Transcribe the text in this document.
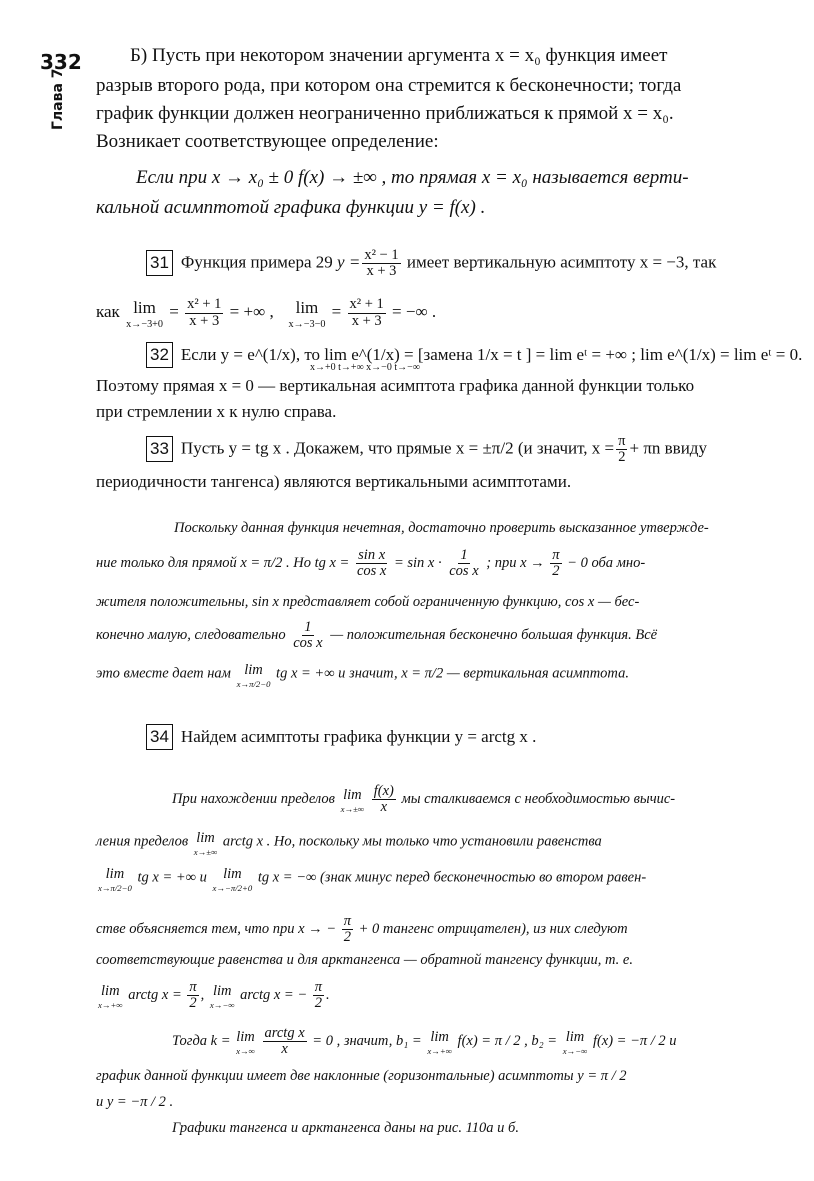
332
Глава 7
Б) Пусть при некотором значении аргумента x = x₀ функция имеет
разрыв второго рода, при котором она стремится к бесконечности; тогда
график функции должен неограниченно приближаться к прямой x = x₀.
Возникает соответствующее определение:
Если при x → x₀ ± 0 f(x) → ±∞ , то прямая x = x₀ называется верти-
кальной асимптотой графика функции y = f(x) .
31 Функция примера 29 $y = \frac{\text{x² − 1}}{x + 3}$ имеет вертикальную асимптоту x = −3, так
как lim
x→−3+0
= $\frac{\text{x² + 1}}{x + 3}$ = +∞ , lim
x→−3−0
= $\frac{\text{x² + 1}}{x + 3}$ = −∞ .
32 Если y = e^(1/x), то lim e^(1/x) = [замена 1/x = t ] = lim eᵗ = +∞ ; lim e^(1/x) = lim eᵗ = 0.
x→+0 t→+∞ x→−0 t→−∞
Поэтому прямая x = 0 — вертикальная асимптота графика данной функции только
при стремлении x к нулю справа.
33 Пусть y = tg x . Докажем, что прямые x = ±π/2 (и значит, $x = \frac{\pi}{2} + \pi n$ ввиду
периодичности тангенса) являются вертикальными асимптотами.
Поскольку данная функция нечетная, достаточно проверить высказанное утвержде-
ние только для прямой x = π/2 . Но tg $x = \frac{\text{sin x}}{\text{cos x}} = \sin x \cdot \frac{1}{\text{cos x}}$ ; при $x \to \frac{\pi}{2} - 0$ оба мно-
жителя положительны, sin x представляет собой ограниченную функцию, cos x — бес-
конечно малую, следовательно $\frac{1}{\text{cos x}}$ — положительная бесконечно большая функция. Всё
это вместе дает нам lim
x→π/2−0
tg x = +∞ и значит, x = π/2 — вертикальная асимптота.
34 Найдем асимптоты графика функции y = arctg x .
При нахождении пределов lim
x→±∞
$\frac{f(x)}{x}$ мы сталкиваемся с необходимостью вычис-
ления пределов lim
x→±∞
arctg x . Но, поскольку мы только что установили равенства
lim
x→π/2−0
tg x = +∞ и lim
x→−π/2+0
tg x = −∞ (знак минус перед бесконечностью во втором равен-
стве объясняется тем, что при x → − $\frac{\pi}{2} + 0$ тангенс отрицателен), из них следуют
соответствующие равенства и для арктангенса — обратной тангенсу функции, т. е.
lim
x→+∞
arctg $x = \frac{\pi}{2}$ , lim
x→−∞
arctg x = − $\frac{\pi}{2}$ .
Тогда k = lim
x→∞
$\frac{\text{arctg x}}{x} = 0$ , значит, b₁ = lim
x→+∞
f(x) = π / 2 , b₂ = lim
x→−∞
f(x) = −π / 2 и
график данной функции имеет две наклонные (горизонтальные) асимптоты y = π / 2
и y = −π / 2 .
Графики тангенса и арктангенса даны на рис. 110а и б.
